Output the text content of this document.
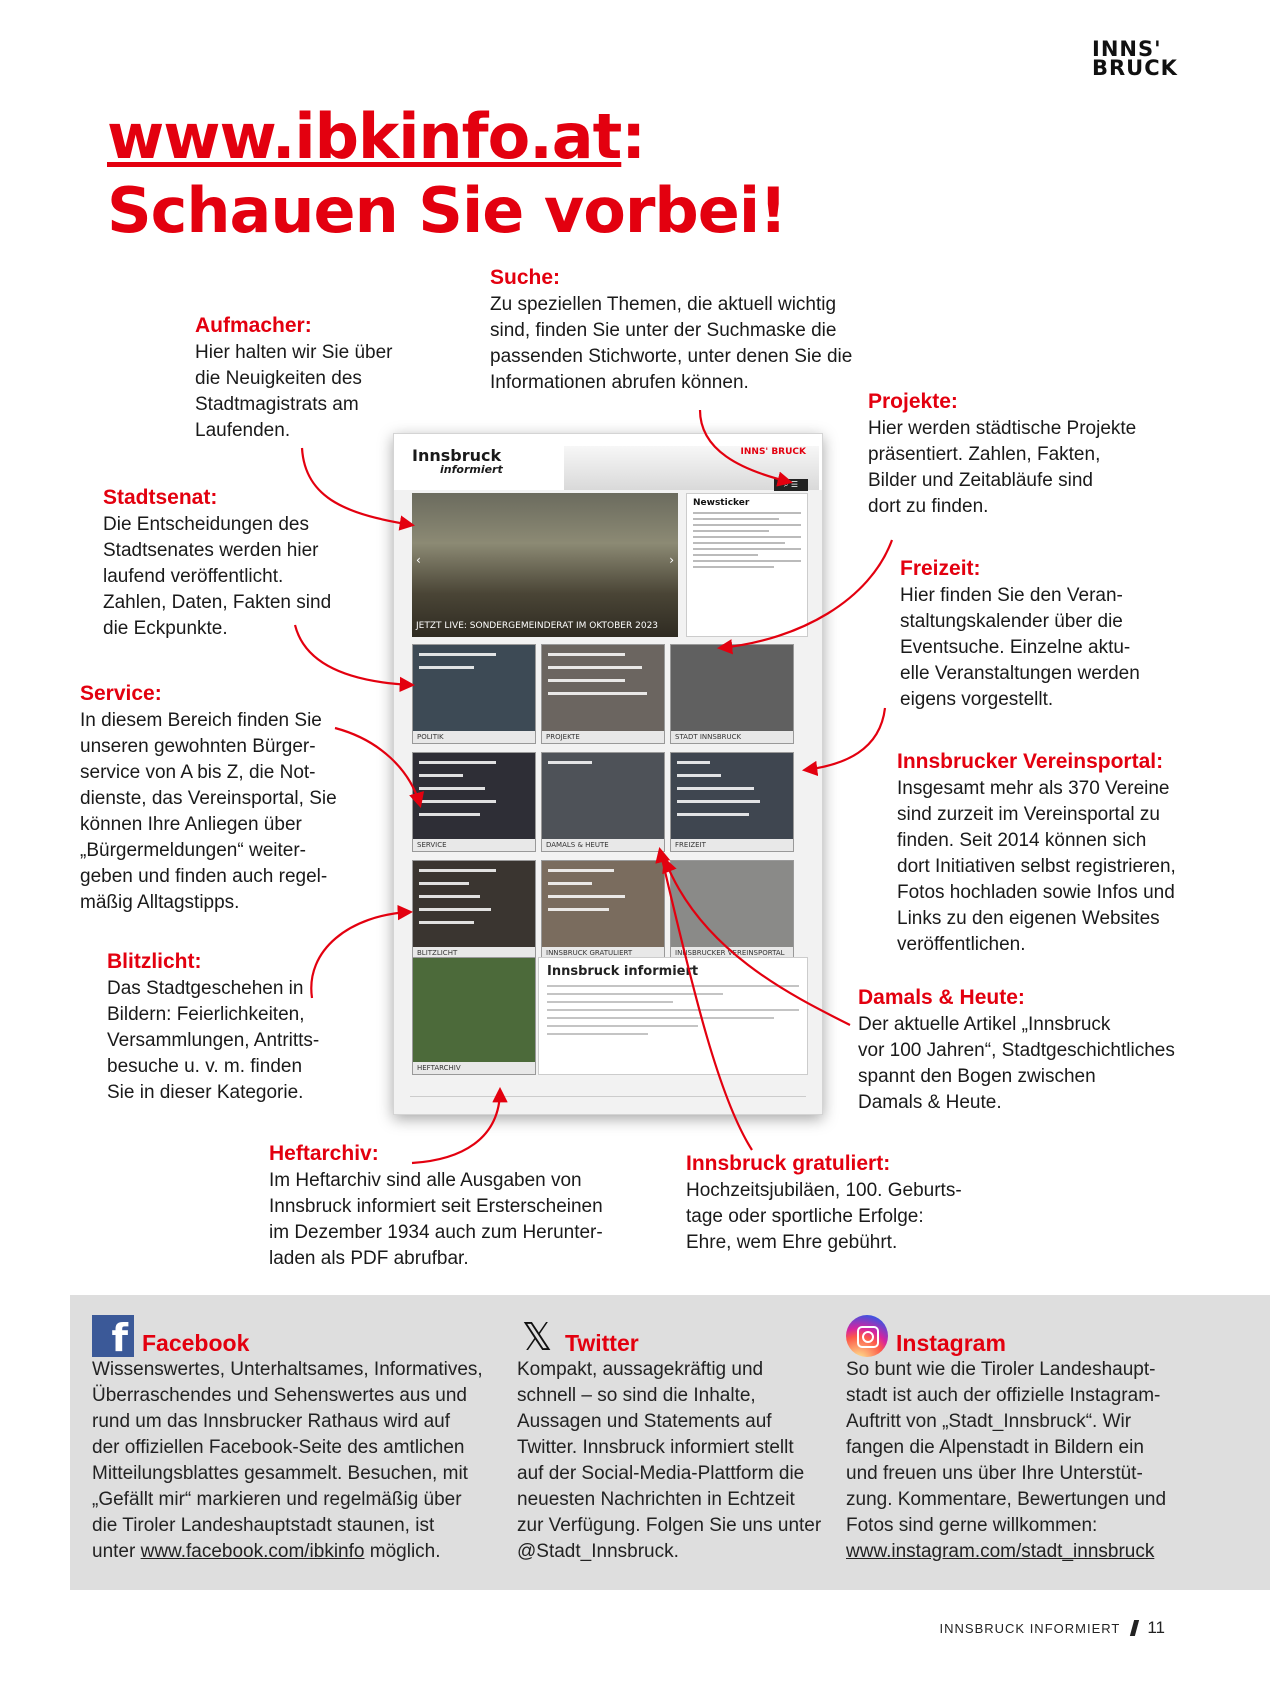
INNS'
BRUCK
www.ibkinfo.at:
Schauen Sie vorbei!
Aufmacher:
Hier halten wir Sie über
die Neuigkeiten des
Stadtmagistrats am
Laufenden.
Suche:
Zu speziellen Themen, die aktuell wichtig
sind, finden Sie unter der Suchmaske die
passenden Stichworte, unter denen Sie die
Informationen abrufen können.
Projekte:
Hier werden städtische Projekte
präsentiert. Zahlen, Fakten,
Bilder und Zeitabläufe sind
dort zu finden.
Stadtsenat:
Die Entscheidungen des
Stadtsenates werden hier
laufend veröffentlicht.
Zahlen, Daten, Fakten sind
die Eckpunkte.
Freizeit:
Hier finden Sie den Veran-
staltungskalender über die
Eventsuche. Einzelne aktu-
elle Veranstaltungen werden
eigens vorgestellt.
Service:
In diesem Bereich finden Sie
unseren gewohnten Bürger-
service von A bis Z, die Not-
dienste, das Vereinsportal, Sie
können Ihre Anliegen über
„Bürgermeldungen“ weiter-
geben und finden auch regel-
mäßig Alltagstipps.
Innsbrucker Vereinsportal:
Insgesamt mehr als 370 Vereine
sind zurzeit im Vereinsportal zu
finden. Seit 2014 können sich
dort Initiativen selbst registrieren,
Fotos hochladen sowie Infos und
Links zu den eigenen Websites
veröffentlichen.
Blitzlicht:
Das Stadtgeschehen in
Bildern: Feierlichkeiten,
Versammlungen, Antritts-
besuche u. v. m. finden
Sie in dieser Kategorie.
Damals & Heute:
Der aktuelle Artikel „Innsbruck
vor 100 Jahren“, Stadtgeschichtliches
spannt den Bogen zwischen
Damals & Heute.
Heftarchiv:
Im Heftarchiv sind alle Ausgaben von
Innsbruck informiert seit Ersterscheinen
im Dezember 1934 auch zum Herunter-
laden als PDF abrufbar.
Innsbruck gratuliert:
Hochzeitsjubiläen, 100. Geburts-
tage oder sportliche Erfolge:
Ehre, wem Ehre gebührt.
Innsbruck
informiert
INNS' BRUCK
⌕ ☰
‹	›
JETZT LIVE: SONDERGEMEINDERAT IM OKTOBER 2023
Newsticker
POLITIK	PROJEKTE	STADT INNSBRUCK
SERVICE	DAMALS & HEUTE	FREIZEIT
BLITZLICHT	INNSBRUCK GRATULIERT	INNSBRUCKER VEREINSPORTAL
HEFTARCHIV
Innsbruck informiert
f Facebook
Wissenswertes, Unterhaltsames, Informatives,
Überraschendes und Sehenswertes aus und
rund um das Innsbrucker Rathaus wird auf
der offiziellen Facebook-Seite des amtlichen
Mitteilungsblattes gesammelt. Besuchen, mit
„Gefällt mir“ markieren und regelmäßig über
die Tiroler Landeshauptstadt staunen, ist
unter www.facebook.com/ibkinfo möglich.
𝕏 Twitter
Kompakt, aussagekräftig und
schnell – so sind die Inhalte,
Aussagen und Statements auf
Twitter. Innsbruck informiert stellt
auf der Social-Media-Plattform die
neuesten Nachrichten in Echtzeit
zur Verfügung. Folgen Sie uns unter
@Stadt_Innsbruck.
Instagram
So bunt wie die Tiroler Landeshaupt-
stadt ist auch der offizielle Instagram-
Auftritt von „Stadt_Innsbruck“. Wir
fangen die Alpenstadt in Bildern ein
und freuen uns über Ihre Unterstüt-
zung. Kommentare, Bewertungen und
Fotos sind gerne willkommen:
www.instagram.com/stadt_innsbruck
INNSBRUCK INFORMIERT 11
